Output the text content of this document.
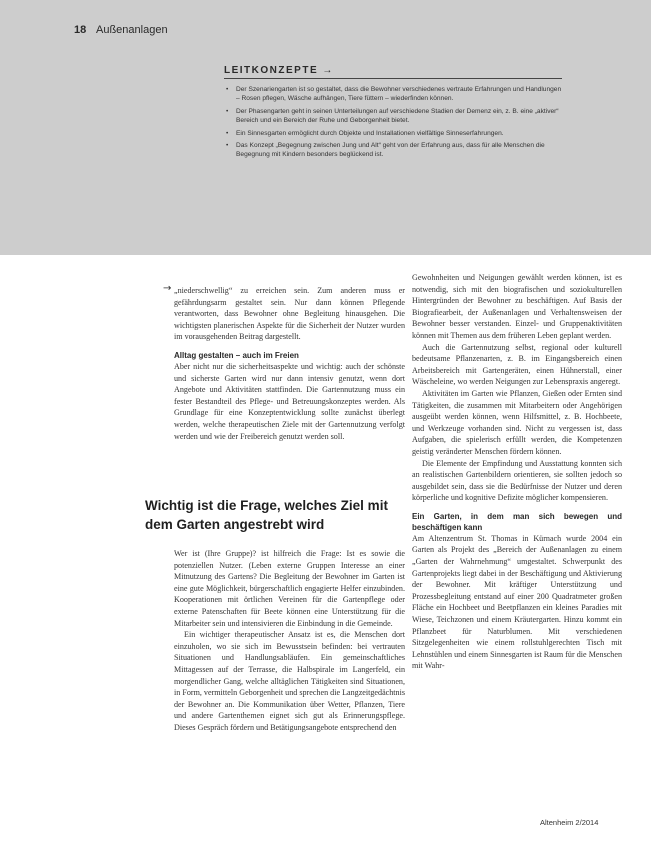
18 Außenanlagen
LEITKONZEPTE →
• Der Szenariengarten ist so gestaltet, dass die Bewohner verschiedenes vertraute Erfahrungen und Handlungen – Rosen pflegen, Wäsche aufhängen, Tiere füttern – wiederfinden können.
• Der Phasengarten geht in seinen Unterteilungen auf verschiedene Stadien der Demenz ein, z. B. eine „aktiver“ Bereich und ein Bereich der Ruhe und Geborgenheit bietet.
• Ein Sinnesgarten ermöglicht durch Objekte und Installationen vielfältige Sinneserfahrungen.
• Das Konzept „Begegnung zwischen Jung und Alt“ geht von der Erfahrung aus, dass für alle Menschen die Begegnung mit Kindern besonders beglückend ist.
→ „niederschwellig“ zu erreichen sein. Zum anderen muss er gefährdungsarm gestaltet sein. Nur dann können Pflegende verantworten, dass Bewohner ohne Begleitung hinausgehen. Die wichtigsten planerischen Aspekte für die Sicherheit der Nutzer wurden im vorausgehenden Beitrag dargestellt.

Alltag gestalten – auch im Freien

Aber nicht nur die sicherheitsaspekte und wichtig: auch der schönste und sicherste Garten wird nur dann intensiv genutzt, wenn dort Angebote und Aktivitäten stattfinden. Die Gartennutzung muss ein fester Bestandteil des Pflege- und Betreuungskonzeptes werden. Als Grundlage für eine Konzeptentwicklung sollte zunächst überlegt werden, welche therapeutischen Ziele mit der Gartennutzung verfolgt werden und wie der Freibereich genutzt werden soll.

Wichtig ist die Frage, welches Ziel mit dem Garten angestrebt wird

Wer ist (Ihre Gruppe)? ist hilfreich die Frage: Ist es sowie die potenziellen Nutzer. (Leben externe Gruppen Interesse an einer Mitnutzung des Gartens? Die Begleitung der Bewohner im Garten ist eine gute Möglichkeit, bürgerschaftlich engagierte Helfer einzubinden. Kooperationen mit örtlichen Vereinen für die Gartenpflege oder externe Patenschaften für Beete können eine Unterstützung für die Mitarbeiter sein und intensivieren die Einbindung in die Gemeinde.

Ein wichtiger therapeutischer Ansatz ist es, die Menschen dort einzuholen, wo sie sich im Bewusstsein befinden: bei vertrauten Situationen und Handlungsabläufen. Ein gemeinschaftliches Mittagessen auf der Terrasse, die Halbspirale im Langerfeld, ein morgendlicher Gang, welche alltäglichen Tätigkeiten sind Situationen, in Form, vermitteln Geborgenheit und sprechen die Langzeitgedächtnis der Bewohner an. Die Kommunikation über Wetter, Pflanzen, Tiere und andere Gartenthemen eignet sich gut als Erinnerungspflege. Dieses Gespräch fördern und Betätigungsangebote entsprechend den

Gewohnheiten und Neigungen gewählt werden können, ist es notwendig, sich mit den biografischen und soziokulturellen Hintergründen der Bewohner zu beschäftigen. Auf Basis der Biografiearbeit, der Außenanlagen und Verhaltensweisen der Bewohner besser verstanden. Einzel- und Gruppenaktivitäten können mit Themen aus dem früheren Leben geplant werden.

Auch die Gartennutzung selbst, regional oder kulturell bedeutsame Pflanzenarten, z. B. im Eingangsbereich einen Arbeitsbereich mit Gartengeräten, einen Hühnerstall, einer Wäscheleine, wo werden Neigungen zur Lebenspraxis angeregt.

Aktivitäten im Garten wie Pflanzen, Gießen oder Ernten sind Tätigkeiten, die zusammen mit Mitarbeitern oder Angehörigen ausgeübt werden können, wenn Hilfsmittel, z. B. Hochbeete, und Werkzeuge vorhanden sind. Nicht zu vergessen ist, dass Aufgaben, die spielerisch erfüllt werden, die Kompetenzen geistig veränderter Menschen fördern können.

Die Elemente der Empfindung und Ausstattung konnten sich an realistischen Gartenbildern orientieren, sie sollten jedoch so ausgebildet sein, dass sie die Bedürfnisse der Nutzer und deren körperliche und kognitive Defizite möglicher kompensieren.

Ein Garten, in dem man sich bewegen und beschäftigen kann

Am Altenzentrum St. Thomas in Kürnach wurde 2004 ein Garten als Projekt des „Bereich der Außenanlagen zu einem „Garten der Wahrnehmung“ umgestaltet. Schwerpunkt des Gartenprojekts liegt dabei in der Beschäftigung und Aktivierung der Bewohner. Mit kräftiger Unterstützung und Prozessbegleitung entstand auf einer 200 Quadratmeter großen Fläche ein Hochbeet und Beetpflanzen ein kleines Paradies mit Wiese, Teichzonen und einem Kräutergarten. Hinzu kommt ein Pflanzbeet für Naturblumen. Mit verschiedenen Sitzgelegenheiten wie einem rollstuhlgerechten Tisch mit Lehnstühlen und einem Sinnesgarten ist Raum für die Menschen mit Wahr-

Altenheim 2/2014
